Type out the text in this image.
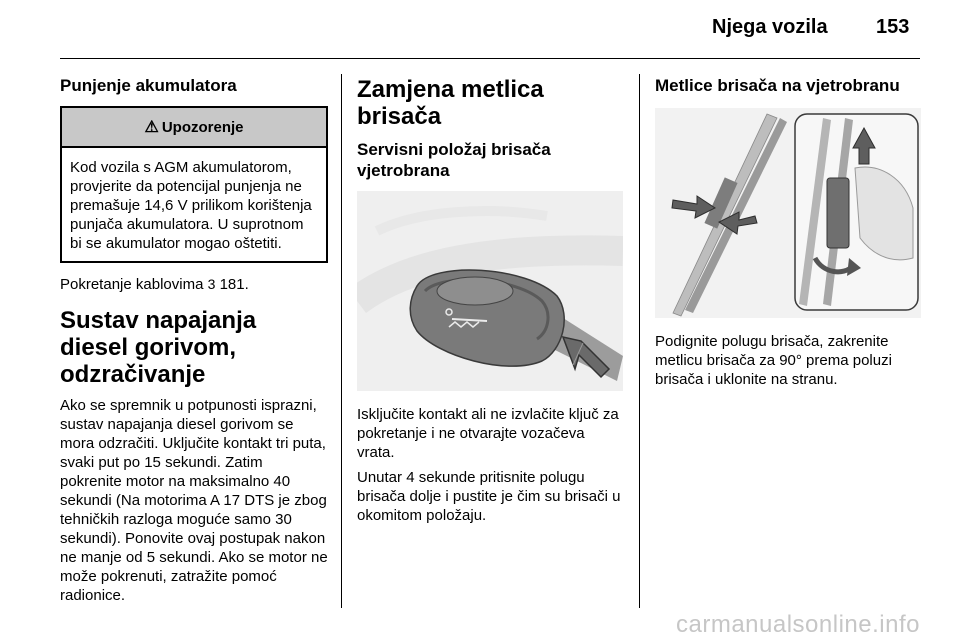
Njega vozila 153
Punjenje akumulatora
⚠ Upozorenje
Kod vozila s AGM akumulatorom, provjerite da potencijal punjenja ne premašuje 14,6 V prilikom korištenja punjača akumulatora. U suprotnom bi se akumulator mogao oštetiti.

Pokretanje kablovima 3 181.

Sustav napajanja diesel gorivom, odzračivanje

Ako se spremnik u potpunosti isprazni, sustav napajanja diesel gorivom se mora odzračiti. Uključite kontakt tri puta, svaki put po 15 sekundi. Zatim pokrenite motor na maksimalno 40 sekundi (Na motorima A 17 DTS je zbog tehničkih razloga moguće samo 30 sekundi). Ponovite ovaj postupak nakon ne manje od 5 sekundi. Ako se motor ne može pokrenuti, zatražite pomoć radionice.

Zamjena metlica brisača
Servisni položaj brisača vjetrobrana

Isključite kontakt ali ne izvlačite ključ za pokretanje i ne otvarajte vozačeva vrata.

Unutar 4 sekunde pritisnite polugu brisača dolje i pustite je čim su brisači u okomitom položaju.

Metlice brisača na vjetrobranu

Podignite polugu brisača, zakrenite metlicu brisača za 90° prema poluzi brisača i uklonite na stranu.

carmanualsonline.info
